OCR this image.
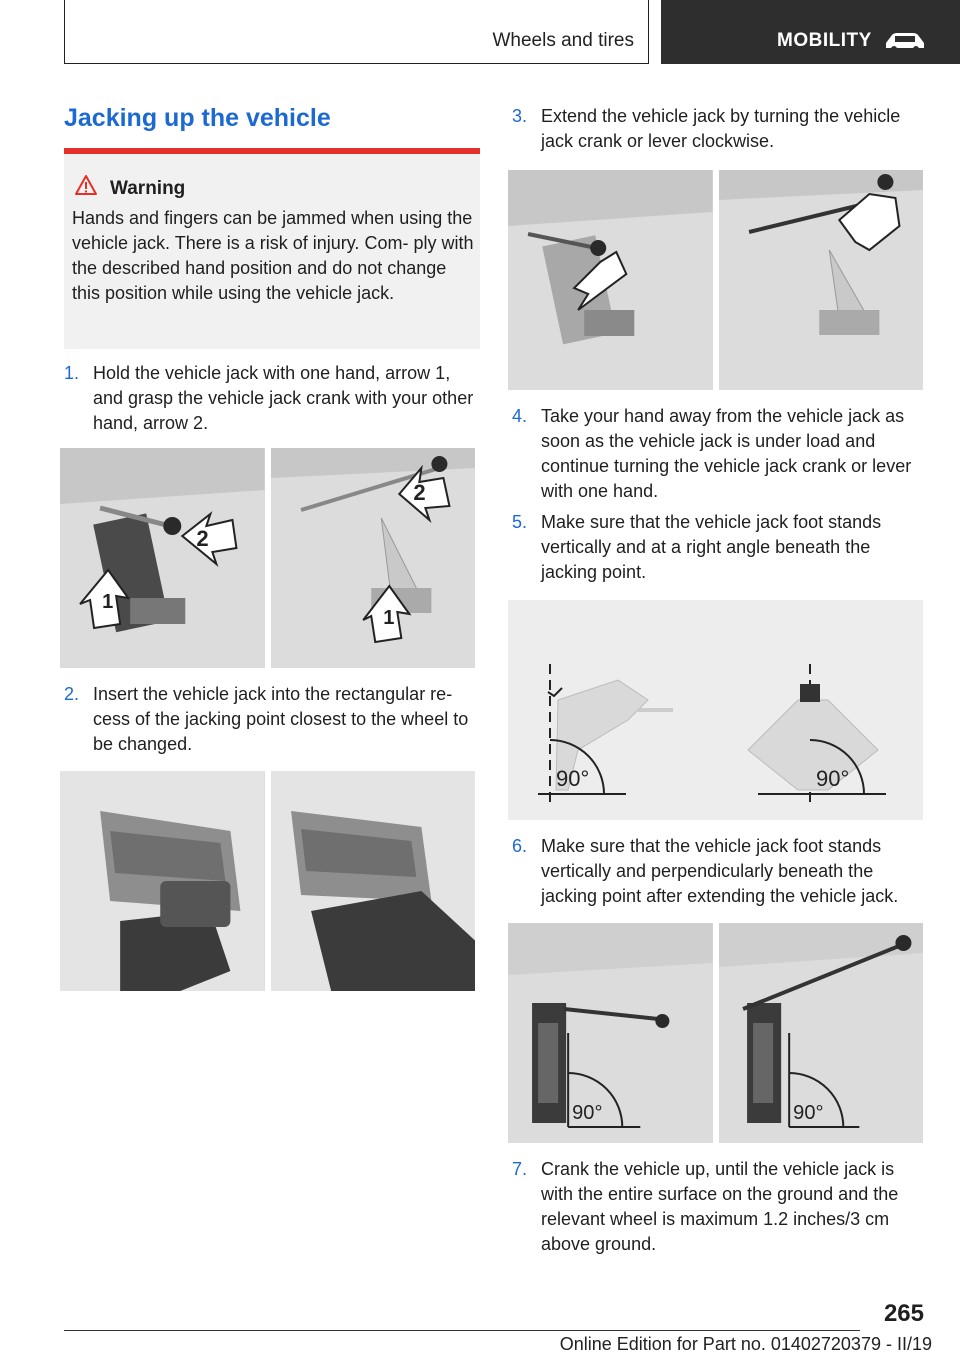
Wheels and tires	MOBILITY
Jacking up the vehicle
Warning
Hands and fingers can be jammed when using the vehicle jack. There is a risk of injury. Com- ply with the described hand position and do not change this position while using the vehicle jack.
1. Hold the vehicle jack with one hand, arrow 1, and grasp the vehicle jack crank with your other hand, arrow 2.
2
1
2
1
2. Insert the vehicle jack into the rectangular re- cess of the jacking point closest to the wheel to be changed.
3. Extend the vehicle jack by turning the vehicle jack crank or lever clockwise.
4. Take your hand away from the vehicle jack as soon as the vehicle jack is under load and continue turning the vehicle jack crank or lever with one hand.
5. Make sure that the vehicle jack foot stands vertically and at a right angle beneath the jacking point.
90°	90°
6. Make sure that the vehicle jack foot stands vertically and perpendicularly beneath the jacking point after extending the vehicle jack.
90°	90°
7. Crank the vehicle up, until the vehicle jack is with the entire surface on the ground and the relevant wheel is maximum 1.2 inches/3 cm above ground.
265
Online Edition for Part no. 01402720379 - II/19
